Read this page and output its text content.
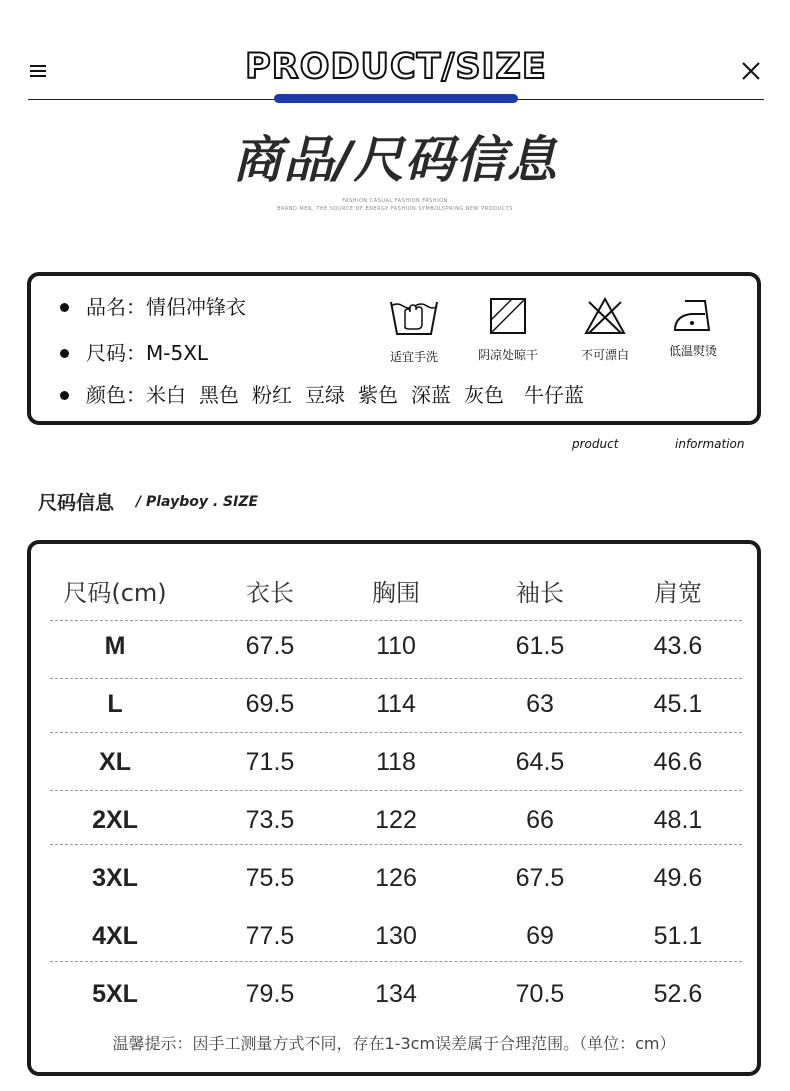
PRODUCT/SIZE
商品/尺码信息
FASHION CASUAL FASHION FASHION
BRAND MEN, THE SOURCE OF ENERGY FASHION SYMBOLSPRING NEW PRODUCTS
品名：情侣冲锋衣
尺码：M-5XL
颜色：米白 黑色 粉红 豆绿 紫色 深蓝 灰色 牛仔蓝
适宜手洗	阴凉处晾干	不可漂白	低温熨烫
product	information
尺码信息 / Playboy . SIZE
尺码(cm)	衣长	胸围	袖长	肩宽
M	67.5	110	61.5	43.6
L	69.5	114	63	45.1
XL	71.5	118	64.5	46.6
2XL	73.5	122	66	48.1
3XL	75.5	126	67.5	49.6
4XL	77.5	130	69	51.1
5XL	79.5	134	70.5	52.6
温馨提示：因手工测量方式不同，存在1-3cm误差属于合理范围。（单位：cm）
